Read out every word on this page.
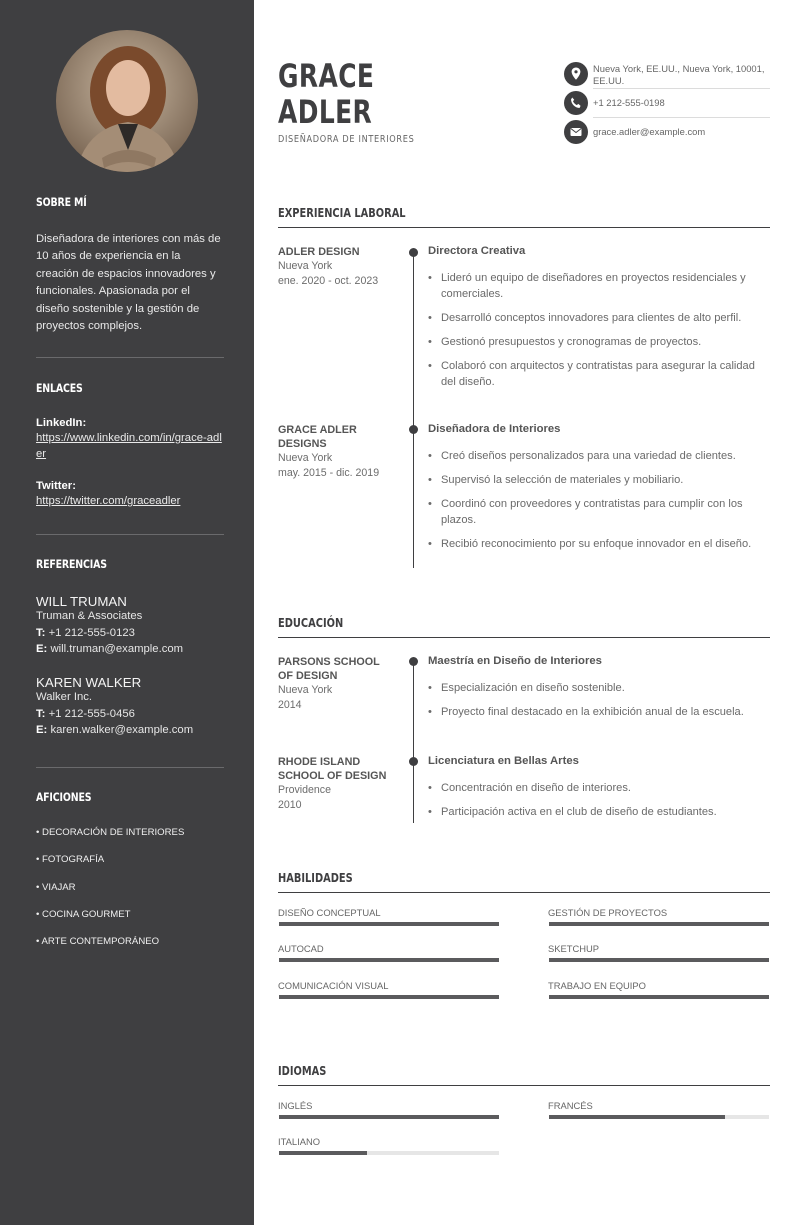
SOBRE MÍ
Diseñadora de interiores con más de 10 años de experiencia en la creación de espacios innovadores y funcionales. Apasionada por el diseño sostenible y la gestión de proyectos complejos.
ENLACES
LinkedIn:
https://www.linkedin.com/in/grace-adler
Twitter:
https://twitter.com/graceadler
REFERENCIAS
WILL TRUMAN
Truman & Associates
T: +1 212-555-0123
E: will.truman@example.com
KAREN WALKER
Walker Inc.
T: +1 212-555-0456
E: karen.walker@example.com
AFICIONES
• DECORACIÓN DE INTERIORES
• FOTOGRAFÍA
• VIAJAR
• COCINA GOURMET
• ARTE CONTEMPORÁNEO
GRACE
ADLER
DISEÑADORA DE INTERIORES
Nueva York, EE.UU., Nueva York, 10001, EE.UU.
+1 212-555-0198
grace.adler@example.com
EXPERIENCIA LABORAL
ADLER DESIGN
Nueva York
ene. 2020 - oct. 2023
Directora Creativa
• Lideró un equipo de diseñadores en proyectos residenciales y comerciales.
• Desarrolló conceptos innovadores para clientes de alto perfil.
• Gestionó presupuestos y cronogramas de proyectos.
• Colaboró con arquitectos y contratistas para asegurar la calidad del diseño.
GRACE ADLER DESIGNS
Nueva York
may. 2015 - dic. 2019
Diseñadora de Interiores
• Creó diseños personalizados para una variedad de clientes.
• Supervisó la selección de materiales y mobiliario.
• Coordinó con proveedores y contratistas para cumplir con los plazos.
• Recibió reconocimiento por su enfoque innovador en el diseño.
EDUCACIÓN
PARSONS SCHOOL OF DESIGN
Nueva York
2014
Maestría en Diseño de Interiores
• Especialización en diseño sostenible.
• Proyecto final destacado en la exhibición anual de la escuela.
RHODE ISLAND SCHOOL OF DESIGN
Providence
2010
Licenciatura en Bellas Artes
• Concentración en diseño de interiores.
• Participación activa en el club de diseño de estudiantes.
HABILIDADES
DISEÑO CONCEPTUAL	GESTIÓN DE PROYECTOS
AUTOCAD	SKETCHUP
COMUNICACIÓN VISUAL	TRABAJO EN EQUIPO
IDIOMAS
INGLÉS	FRANCÉS
ITALIANO
